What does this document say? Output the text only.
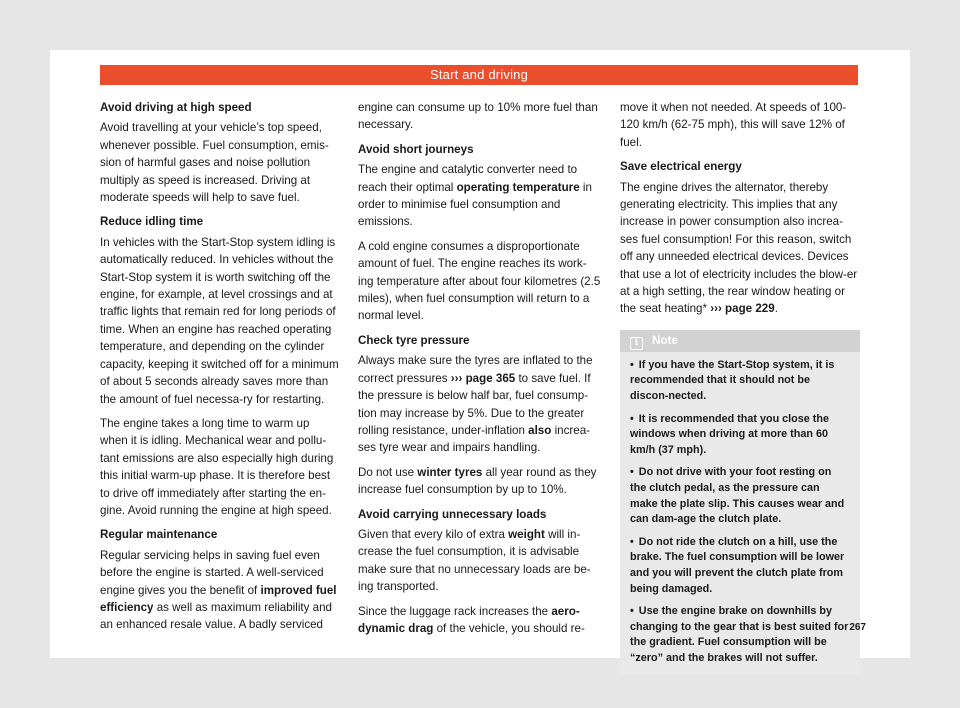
Start and driving
Avoid driving at high speed

Avoid travelling at your vehicle’s top speed, whenever possible. Fuel consumption, emis-sion of harmful gases and noise pollution multiply as speed is increased. Driving at moderate speeds will help to save fuel.

Reduce idling time

In vehicles with the Start-Stop system idling is automatically reduced. In vehicles without the Start-Stop system it is worth switching off the engine, for example, at level crossings and at traffic lights that remain red for long periods of time. When an engine has reached operating temperature, and depending on the cylinder capacity, keeping it switched off for a minimum of about 5 seconds already saves more than the amount of fuel necessa-ry for restarting.

The engine takes a long time to warm up when it is idling. Mechanical wear and pollu-tant emissions are also especially high during this initial warm-up phase. It is therefore best to drive off immediately after starting the en-gine. Avoid running the engine at high speed.

Regular maintenance

Regular servicing helps in saving fuel even before the engine is started. A well-serviced engine gives you the benefit of improved fuel efficiency as well as maximum reliability and an enhanced resale value. A badly serviced

engine can consume up to 10% more fuel than necessary.

Avoid short journeys

The engine and catalytic converter need to reach their optimal operating temperature in order to minimise fuel consumption and emissions.

A cold engine consumes a disproportionate amount of fuel. The engine reaches its work-ing temperature after about four kilometres (2.5 miles), when fuel consumption will return to a normal level.

Check tyre pressure

Always make sure the tyres are inflated to the correct pressures ››› page 365 to save fuel. If the pressure is below half bar, fuel consump-tion may increase by 5%. Due to the greater rolling resistance, under-inflation also increa-ses tyre wear and impairs handling.

Do not use winter tyres all year round as they increase fuel consumption by up to 10%.

Avoid carrying unnecessary loads

Given that every kilo of extra weight will in-crease the fuel consumption, it is advisable make sure that no unnecessary loads are be-ing transported.

Since the luggage rack increases the aero-dynamic drag of the vehicle, you should re-

move it when not needed. At speeds of 100-120 km/h (62-75 mph), this will save 12% of fuel.

Save electrical energy

The engine drives the alternator, thereby generating electricity. This implies that any increase in power consumption also increa-ses fuel consumption! For this reason, switch off any unneeded electrical devices. Devices that use a lot of electricity includes the blow-er at a high setting, the rear window heating or the seat heating* ››› page 229.

i Note

• If you have the Start-Stop system, it is recommended that it should not be discon-nected.

• It is recommended that you close the windows when driving at more than 60 km/h (37 mph).

• Do not drive with your foot resting on the clutch pedal, as the pressure can make the plate slip. This causes wear and can dam-age the clutch plate.

• Do not ride the clutch on a hill, use the brake. The fuel consumption will be lower and you will prevent the clutch plate from being damaged.

• Use the engine brake on downhills by changing to the gear that is best suited for the gradient. Fuel consumption will be “zero” and the brakes will not suffer.

267
